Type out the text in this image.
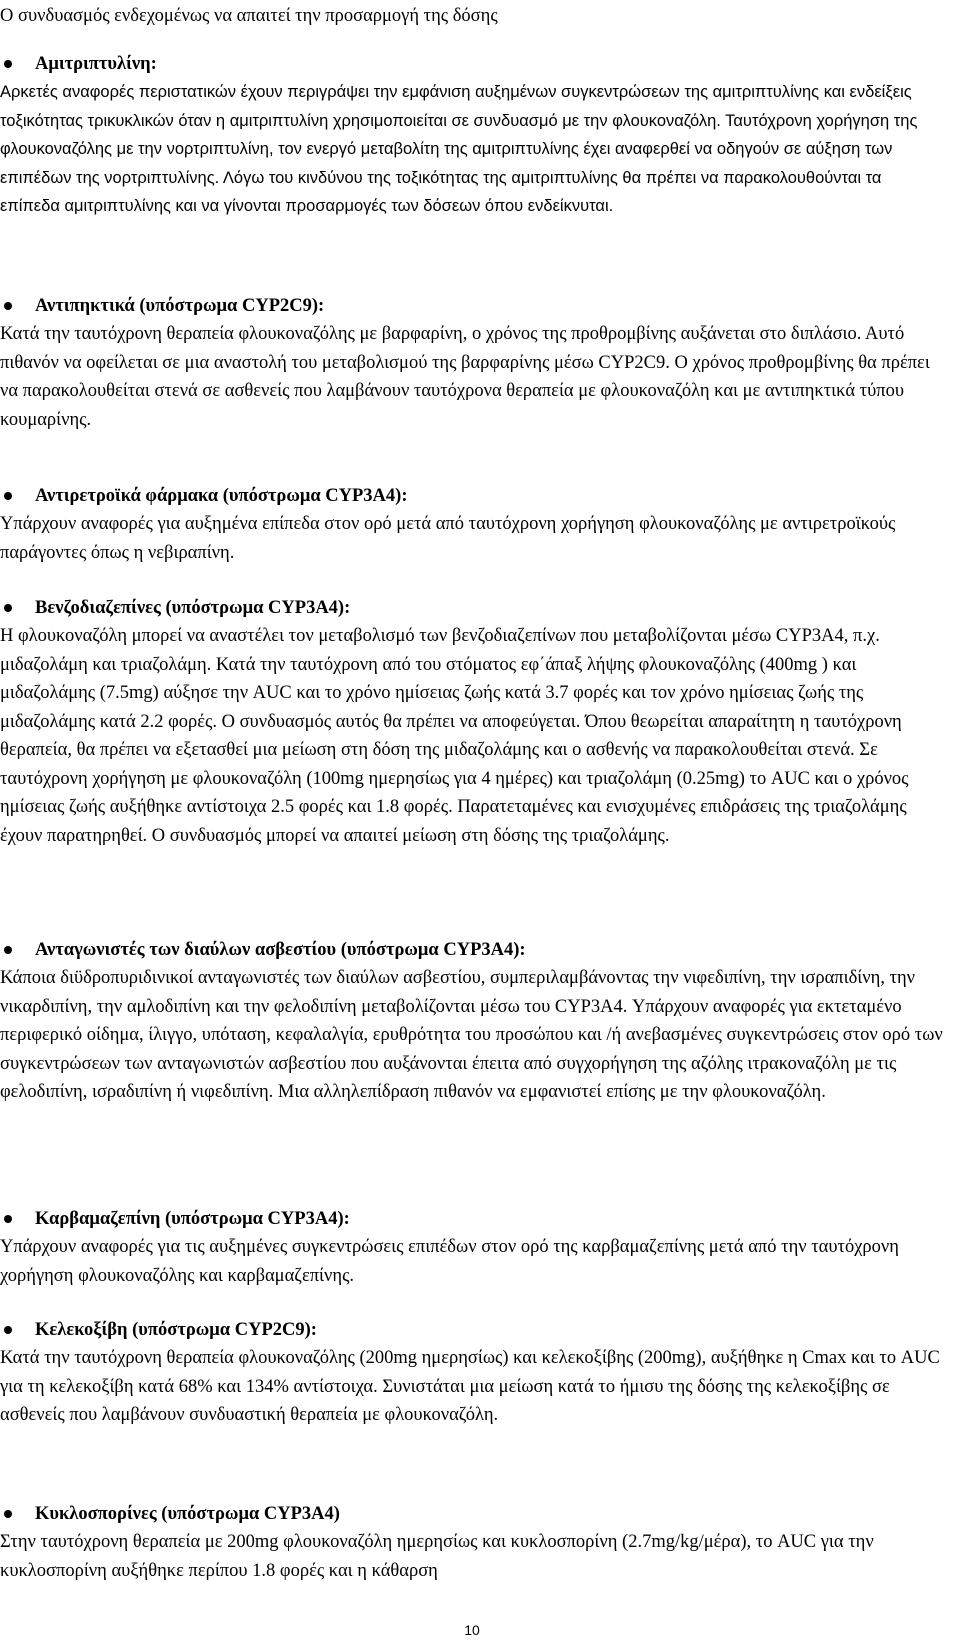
Ο συνδυασμός ενδεχομένως να απαιτεί την προσαρμογή της δόσης

Αμιτριπτυλίνη:

Αρκετές αναφορές περιστατικών έχουν περιγράψει την εμφάνιση αυξημένων συγκεντρώσεων της αμιτριπτυλίνης και ενδείξεις τοξικότητας τρικυκλικών όταν η αμιτριπτυλίνη χρησιμοποιείται σε συνδυασμό με την φλουκοναζόλη. Ταυτόχρονη χορήγηση της φλουκοναζόλης με την νορτριπτυλίνη, τον ενεργό μεταβολίτη της αμιτριπτυλίνης έχει αναφερθεί να οδηγούν σε αύξηση των επιπέδων της νορτριπτυλίνης. Λόγω του κινδύνου της τοξικότητας της αμιτριπτυλίνης θα πρέπει να παρακολουθούνται τα επίπεδα αμιτριπτυλίνης και να γίνονται προσαρμογές των δόσεων όπου ενδείκνυται.

Αντιπηκτικά (υπόστρωμα CYP2C9):

Κατά την ταυτόχρονη θεραπεία φλουκοναζόλης με βαρφαρίνη, ο χρόνος της προθρομβίνης αυξάνεται στο διπλάσιο. Αυτό πιθανόν να οφείλεται σε μια αναστολή του μεταβολισμού της βαρφαρίνης μέσω CYP2C9. Ο χρόνος προθρομβίνης θα πρέπει να παρακολουθείται στενά σε ασθενείς που λαμβάνουν ταυτόχρονα θεραπεία με φλουκοναζόλη και με αντιπηκτικά τύπου κουμαρίνης.

Αντιρετροϊκά φάρμακα (υπόστρωμα CYP3A4):

Υπάρχουν αναφορές για αυξημένα επίπεδα στον ορό μετά από ταυτόχρονη χορήγηση φλουκοναζόλης με αντιρετροϊκούς παράγοντες όπως η νεβιραπίνη.

Βενζοδιαζεπίνες (υπόστρωμα CYP3A4):

Η φλουκοναζόλη μπορεί να αναστέλει τον μεταβολισμό των βενζοδιαζεπίνων που μεταβολίζονται μέσω CYP3A4, π.χ. μιδαζολάμη και τριαζολάμη. Κατά την ταυτόχρονη από του στόματος εφ΄άπαξ λήψης φλουκοναζόλης (400mg ) και μιδαζολάμης (7.5mg) αύξησε την AUC και το χρόνο ημίσειας ζωής κατά 3.7 φορές και τον χρόνο ημίσειας ζωής της μιδαζολάμης κατά 2.2 φορές. Ο συνδυασμός αυτός θα πρέπει να αποφεύγεται. Όπου θεωρείται απαραίτητη η ταυτόχρονη θεραπεία, θα πρέπει να εξετασθεί μια μείωση στη δόση της μιδαζολάμης και ο ασθενής να παρακολουθείται στενά. Σε ταυτόχρονη χορήγηση με φλουκοναζόλη (100mg ημερησίως για 4 ημέρες) και τριαζολάμη (0.25mg) το AUC και ο χρόνος ημίσειας ζωής αυξήθηκε αντίστοιχα 2.5 φορές και 1.8 φορές. Παρατεταμένες και ενισχυμένες επιδράσεις της τριαζολάμης έχουν παρατηρηθεί. Ο συνδυασμός μπορεί να απαιτεί μείωση στη δόσης της τριαζολάμης.

Ανταγωνιστές των διαύλων ασβεστίου (υπόστρωμα CYP3A4):

Κάποια διϋδροπυριδινικοί ανταγωνιστές των διαύλων ασβεστίου, συμπεριλαμβάνοντας την νιφεδιπίνη, την ισραπιδίνη, την νικαρδιπίνη, την αμλοδιπίνη και την φελοδιπίνη μεταβολίζονται μέσω του CYP3A4. Υπάρχουν αναφορές για εκτεταμένο περιφερικό οίδημα, ίλιγγο, υπόταση, κεφαλαλγία, ερυθρότητα του προσώπου και /ή ανεβασμένες συγκεντρώσεις στον ορό των συγκεντρώσεων των ανταγωνιστών ασβεστίου που αυξάνονται έπειτα από συγχορήγηση της αζόλης ιτρακοναζόλη με τις φελοδιπίνη, ισραδιπίνη ή νιφεδιπίνη. Μια αλληλεπίδραση πιθανόν να εμφανιστεί επίσης με την φλουκοναζόλη.

Καρβαμαζεπίνη (υπόστρωμα CYP3A4):

Υπάρχουν αναφορές για τις αυξημένες συγκεντρώσεις επιπέδων στον ορό της καρβαμαζεπίνης μετά από την ταυτόχρονη χορήγηση φλουκοναζόλης και καρβαμαζεπίνης.

Κελεκοξίβη (υπόστρωμα CYP2C9):

Κατά την ταυτόχρονη θεραπεία φλουκοναζόλης (200mg ημερησίως) και κελεκοξίβης (200mg), αυξήθηκε η Cmax και το AUC για τη κελεκοξίβη κατά 68% και 134% αντίστοιχα. Συνιστάται μια μείωση κατά το ήμισυ της δόσης της κελεκοξίβης σε ασθενείς που λαμβάνουν συνδυαστική θεραπεία με φλουκοναζόλη.

Κυκλοσπορίνες (υπόστρωμα CYP3A4)

Στην ταυτόχρονη θεραπεία με 200mg φλουκοναζόλη ημερησίως και κυκλοσπορίνη (2.7mg/kg/μέρα), το AUC για την κυκλοσπορίνη αυξήθηκε περίπου 1.8 φορές και η κάθαρση

10
